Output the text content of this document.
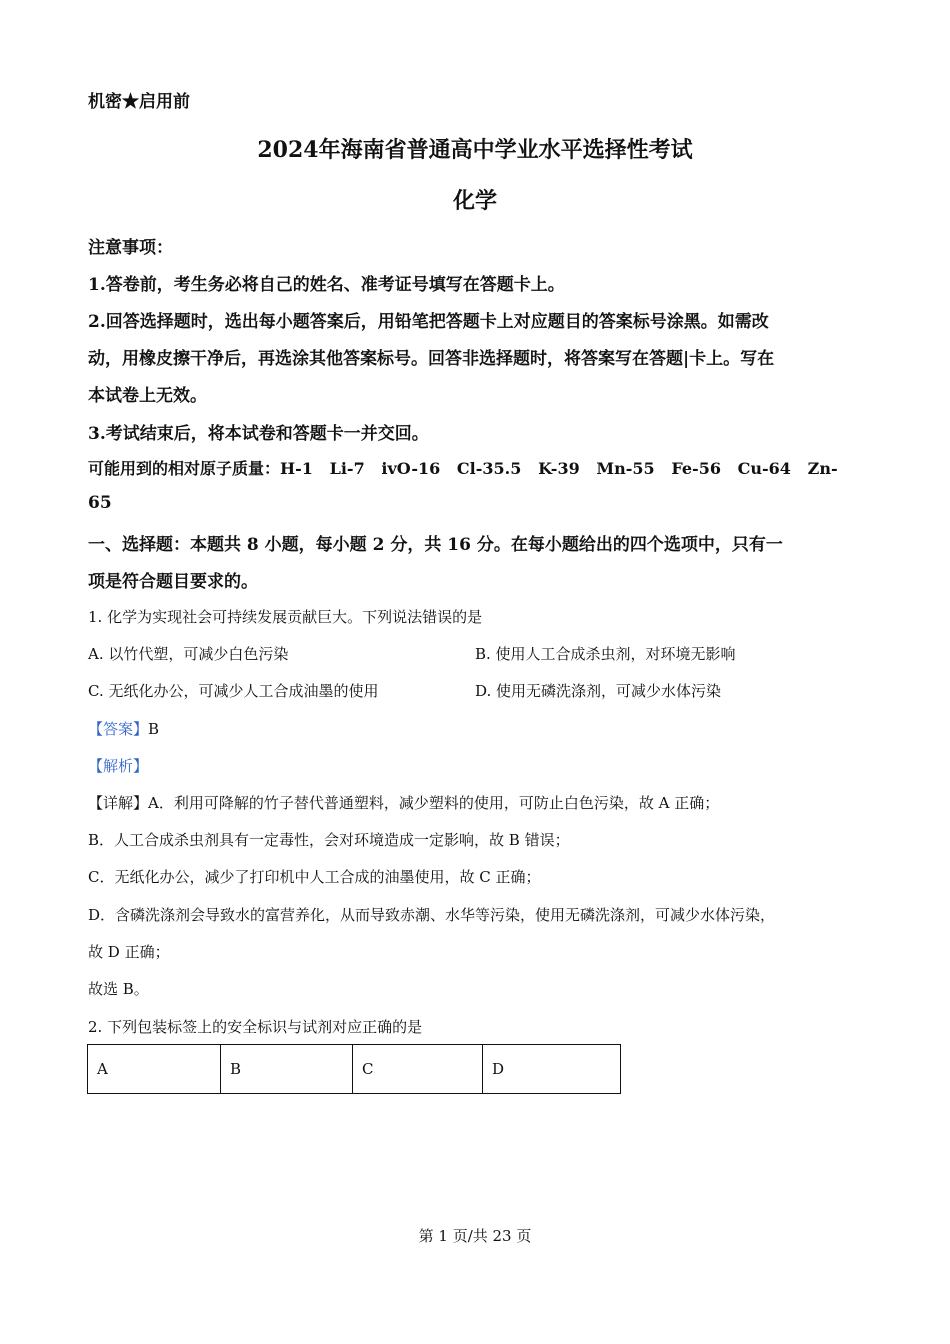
机密★启用前
2024年海南省普通高中学业水平选择性考试
化学
注意事项：
1.答卷前，考生务必将自己的姓名、准考证号填写在答题卡上。
2.回答选择题时，选出每小题答案后，用铅笔把答题卡上对应题目的答案标号涂黑。如需改
动，用橡皮擦干净后，再选涂其他答案标号。回答非选择题时，将答案写在答题|卡上。写在
本试卷上无效。
3.考试结束后，将本试卷和答题卡一并交回。
可能用到的相对原子质量：H-1   Li-7   ivO-16   Cl-35.5   K-39   Mn-55   Fe-56   Cu-64   Zn-
65
一、选择题：本题共 8 小题，每小题 2 分，共 16 分。在每小题给出的四个选项中，只有一
项是符合题目要求的。
1. 化学为实现社会可持续发展贡献巨大。下列说法错误的是
A. 以竹代塑，可减少白色污染	B. 使用人工合成杀虫剂，对环境无影响
C. 无纸化办公，可减少人工合成油墨的使用	D. 使用无磷洗涤剂，可减少水体污染
【答案】B
【解析】
【详解】A．利用可降解的竹子替代普通塑料，减少塑料的使用，可防止白色污染，故 A 正确；
B．人工合成杀虫剂具有一定毒性，会对环境造成一定影响，故 B 错误；
C．无纸化办公，减少了打印机中人工合成的油墨使用，故 C 正确；
D．含磷洗涤剂会导致水的富营养化，从而导致赤潮、水华等污染，使用无磷洗涤剂，可减少水体污染，
故 D 正确；
故选 B。
2. 下列包装标签上的安全标识与试剂对应正确的是
A	B	C	D
第 1 页/共 23 页
